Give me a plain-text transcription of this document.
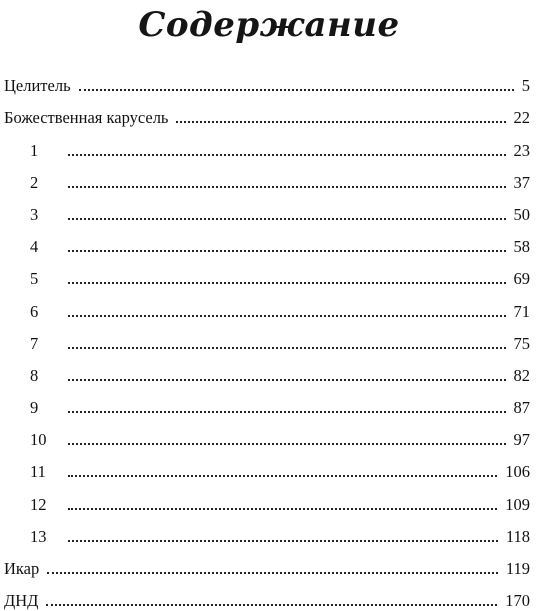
Содержание
Целитель	5
Божественная карусель	22
1	23
2	37
3	50
4	58
5	69
6	71
7	75
8	82
9	87
10	97
11	106
12	109
13	118
Икар	119
ДНД	170
